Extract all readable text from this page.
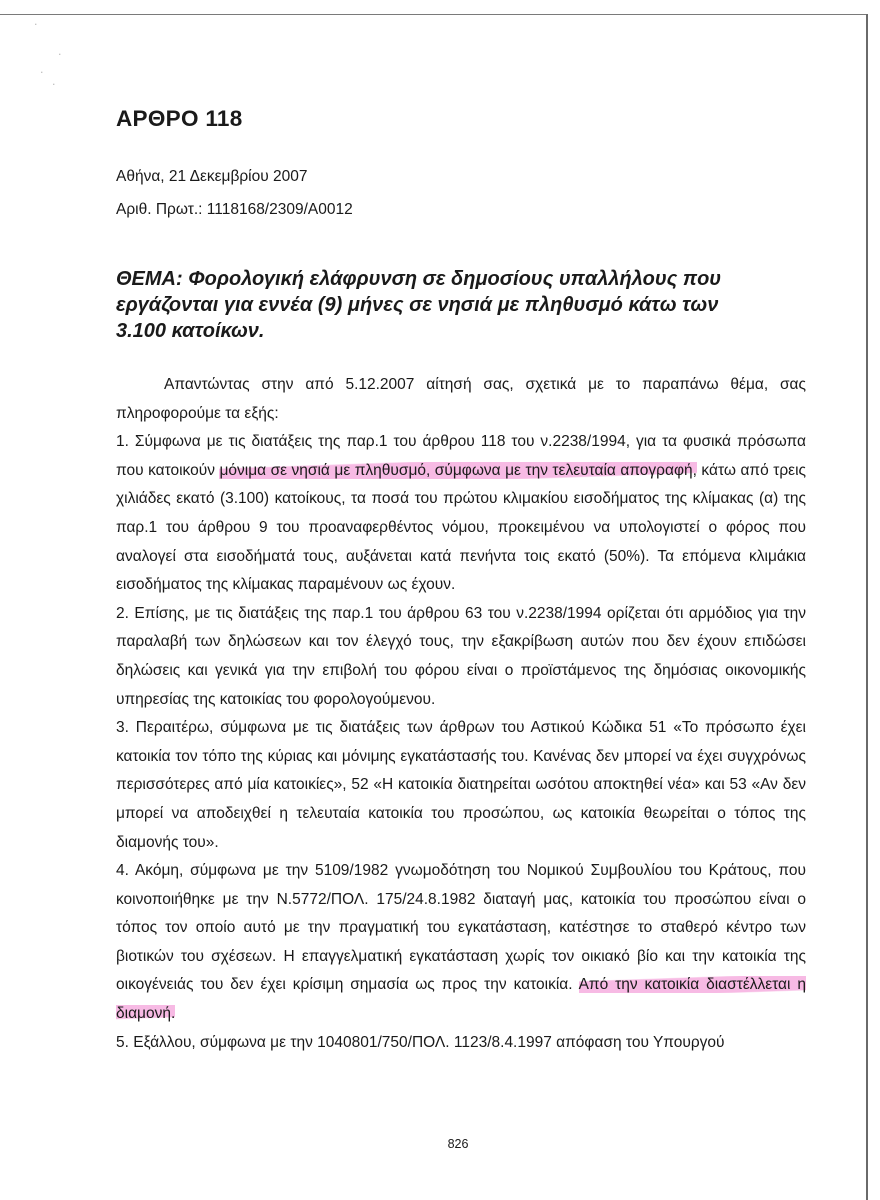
·
·
·
·
ΑΡΘΡΟ 118

Αθήνα, 21 Δεκεμβρίου 2007

Αριθ. Πρωτ.: 1118168/2309/Α0012

ΘΕΜΑ: Φορολογική ελάφρυνση σε δημοσίους υπαλλήλους που εργάζονται για εννέα (9) μήνες σε νησιά με πληθυσμό κάτω των 3.100 κατοίκων.

Απαντώντας στην από 5.12.2007 αίτησή σας, σχετικά με το παραπάνω θέμα, σας πληροφορούμε τα εξής:

1. Σύμφωνα με τις διατάξεις της παρ.1 του άρθρου 118 του ν.2238/1994, για τα φυσικά πρόσωπα που κατοικούν μόνιμα σε νησιά με πληθυσμό, σύμφωνα με την τελευταία απογραφή, κάτω από τρεις χιλιάδες εκατό (3.100) κατοίκους, τα ποσά του πρώτου κλιμακίου εισοδήματος της κλίμακας (α) της παρ.1 του άρθρου 9 του προαναφερθέντος νόμου, προκειμένου να υπολογιστεί ο φόρος που αναλογεί στα εισοδήματά τους, αυξάνεται κατά πενήντα τοις εκατό (50%). Τα επόμενα κλιμάκια εισοδήματος της κλίμακας παραμένουν ως έχουν.

2. Επίσης, με τις διατάξεις της παρ.1 του άρθρου 63 του ν.2238/1994 ορίζεται ότι αρμόδιος για την παραλαβή των δηλώσεων και τον έλεγχό τους, την εξακρίβωση αυτών που δεν έχουν επιδώσει δηλώσεις και γενικά για την επιβολή του φόρου είναι ο προϊστάμενος της δημόσιας οικονομικής υπηρεσίας της κατοικίας του φορολογούμενου.

3. Περαιτέρω, σύμφωνα με τις διατάξεις των άρθρων του Αστικού Κώδικα 51 «Το πρόσωπο έχει κατοικία τον τόπο της κύριας και μόνιμης εγκατάστασής του. Κανένας δεν μπορεί να έχει συγχρόνως περισσότερες από μία κατοικίες», 52 «Η κατοικία διατηρείται ωσότου αποκτηθεί νέα» και 53 «Αν δεν μπορεί να αποδειχθεί η τελευταία κατοικία του προσώπου, ως κατοικία θεωρείται ο τόπος της διαμονής του».

4. Ακόμη, σύμφωνα με την 5109/1982 γνωμοδότηση του Νομικού Συμβουλίου του Κράτους, που κοινοποιήθηκε με την Ν.5772/ΠΟΛ. 175/24.8.1982 διαταγή μας, κατοικία του προσώπου είναι ο τόπος τον οποίο αυτό με την πραγματική του εγκατάσταση, κατέστησε το σταθερό κέντρο των βιοτικών του σχέσεων. Η επαγγελματική εγκατάσταση χωρίς τον οικιακό βίο και την κατοικία της οικογένειάς του δεν έχει κρίσιμη σημασία ως προς την κατοικία. Από την κατοικία διαστέλλεται η διαμονή.

5. Εξάλλου, σύμφωνα με την 1040801/750/ΠΟΛ. 1123/8.4.1997 απόφαση του Υπουργού

826
